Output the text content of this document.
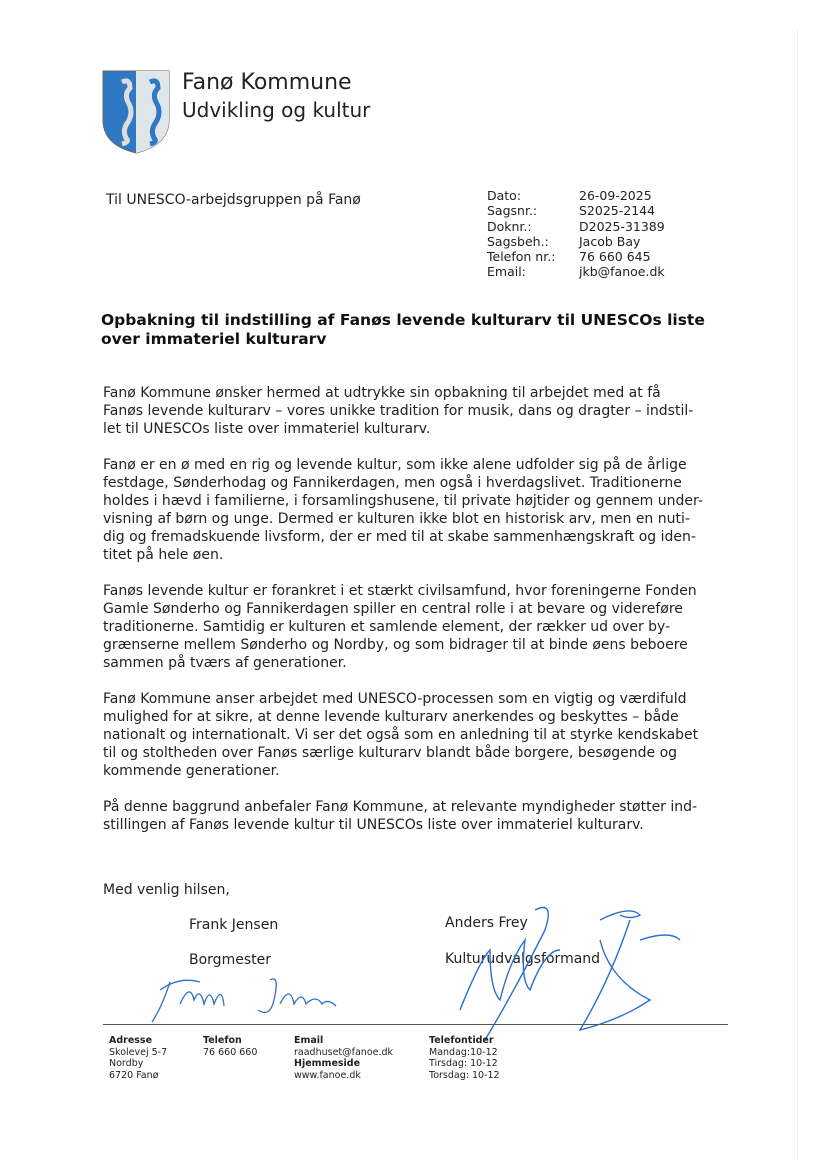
Fanø Kommune
Udvikling og kultur
Til UNESCO-arbejdsgruppen på Fanø	Dato:	26-09-2025
Sagsnr.:	S2025-2144
Doknr.:	D2025-31389
Sagsbeh.:	Jacob Bay
Telefon nr.:	76 660 645
Email:	jkb@fanoe.dk
Opbakning til indstilling af Fanøs levende kulturarv til UNESCOs liste
over immateriel kulturarv

Fanø Kommune ønsker hermed at udtrykke sin opbakning til arbejdet med at få
Fanøs levende kulturarv – vores unikke tradition for musik, dans og dragter – indstil-
let til UNESCOs liste over immateriel kulturarv.

Fanø er en ø med en rig og levende kultur, som ikke alene udfolder sig på de årlige
festdage, Sønderhodag og Fannikerdagen, men også i hverdagslivet. Traditionerne
holdes i hævd i familierne, i forsamlingshusene, til private højtider og gennem under-
visning af børn og unge. Dermed er kulturen ikke blot en historisk arv, men en nuti-
dig og fremadskuende livsform, der er med til at skabe sammenhængskraft og iden-
titet på hele øen.

Fanøs levende kultur er forankret i et stærkt civilsamfund, hvor foreningerne Fonden
Gamle Sønderho og Fannikerdagen spiller en central rolle i at bevare og videreføre
traditionerne. Samtidig er kulturen et samlende element, der rækker ud over by-
grænserne mellem Sønderho og Nordby, og som bidrager til at binde øens beboere
sammen på tværs af generationer.

Fanø Kommune anser arbejdet med UNESCO-processen som en vigtig og værdifuld
mulighed for at sikre, at denne levende kulturarv anerkendes og beskyttes – både
nationalt og internationalt. Vi ser det også som en anledning til at styrke kendskabet
til og stoltheden over Fanøs særlige kulturarv blandt både borgere, besøgende og
kommende generationer.

På denne baggrund anbefaler Fanø Kommune, at relevante myndigheder støtter ind-
stillingen af Fanøs levende kultur til UNESCOs liste over immateriel kulturarv.

Med venlig hilsen,
Frank Jensen
Borgmester
Anders Frey
Kulturudvalgsformand
Adresse
Skolevej 5-7
Nordby
6720 Fanø
Telefon
76 660 660
Email
raadhuset@fanoe.dk
Hjemmeside
www.fanoe.dk
Telefontider
Mandag:10-12
Tirsdag: 10-12
Torsdag: 10-12
